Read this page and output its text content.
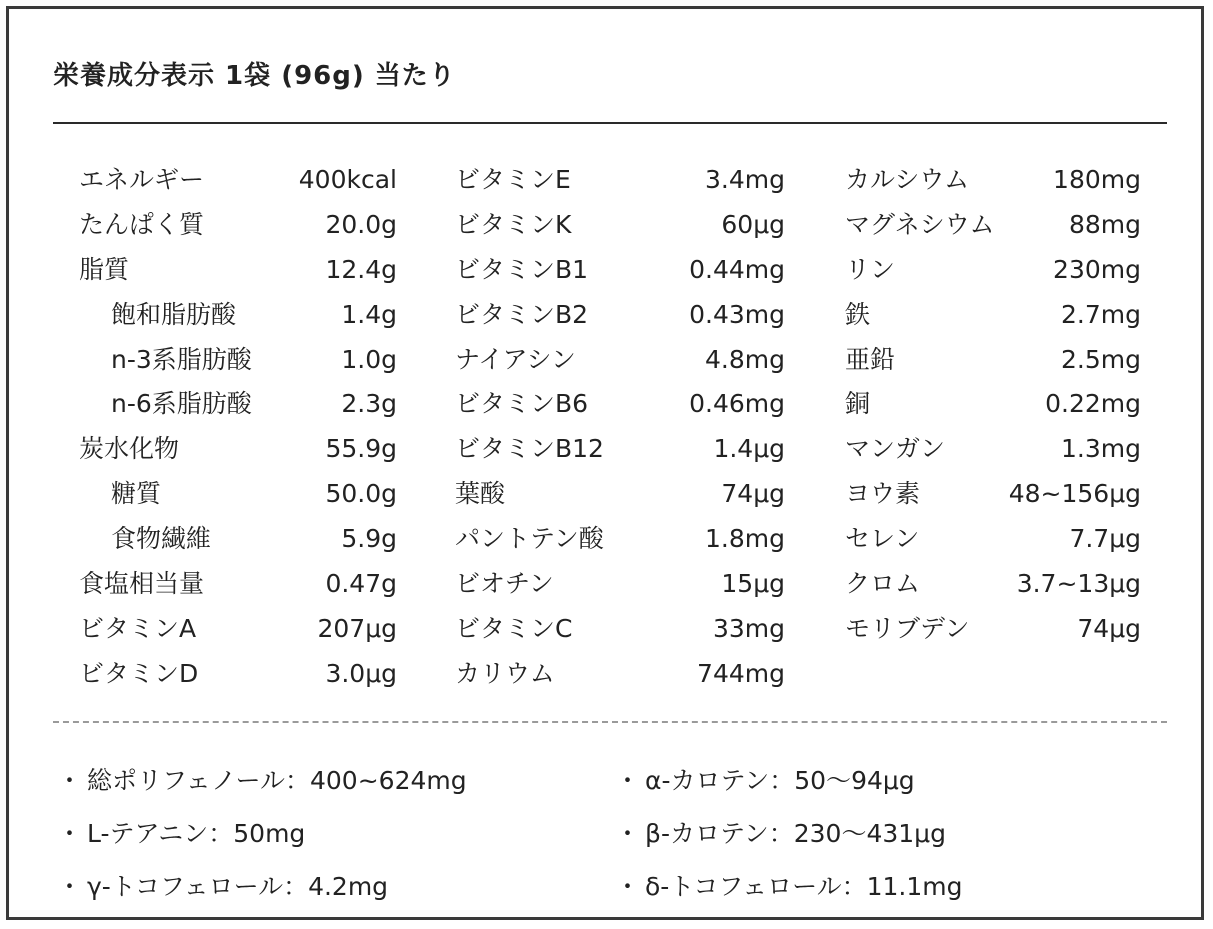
栄養成分表示 1袋 (96g) 当たり
エネルギー	400kcal
たんぱく質	20.0g
脂質	12.4g
飽和脂肪酸	1.4g
n-3系脂肪酸	1.0g
n-6系脂肪酸	2.3g
炭水化物	55.9g
糖質	50.0g
食物繊維	5.9g
食塩相当量	0.47g
ビタミンA	207μg
ビタミンD	3.0μg
ビタミンE	3.4mg
ビタミンK	60μg
ビタミンB1	0.44mg
ビタミンB2	0.43mg
ナイアシン	4.8mg
ビタミンB6	0.46mg
ビタミンB12	1.4μg
葉酸	74μg
パントテン酸	1.8mg
ビオチン	15μg
ビタミンC	33mg
カリウム	744mg
カルシウム	180mg
マグネシウム	88mg
リン	230mg
鉄	2.7mg
亜鉛	2.5mg
銅	0.22mg
マンガン	1.3mg
ヨウ素	48~156μg
セレン	7.7μg
クロム	3.7~13μg
モリブデン	74μg
・ 総ポリフェノール：400~624mg
・ L-テアニン：50mg
・ γ-トコフェロール：4.2mg
・ α-カロテン：50〜94μg
・ β-カロテン：230〜431μg
・ δ-トコフェロール：11.1mg
